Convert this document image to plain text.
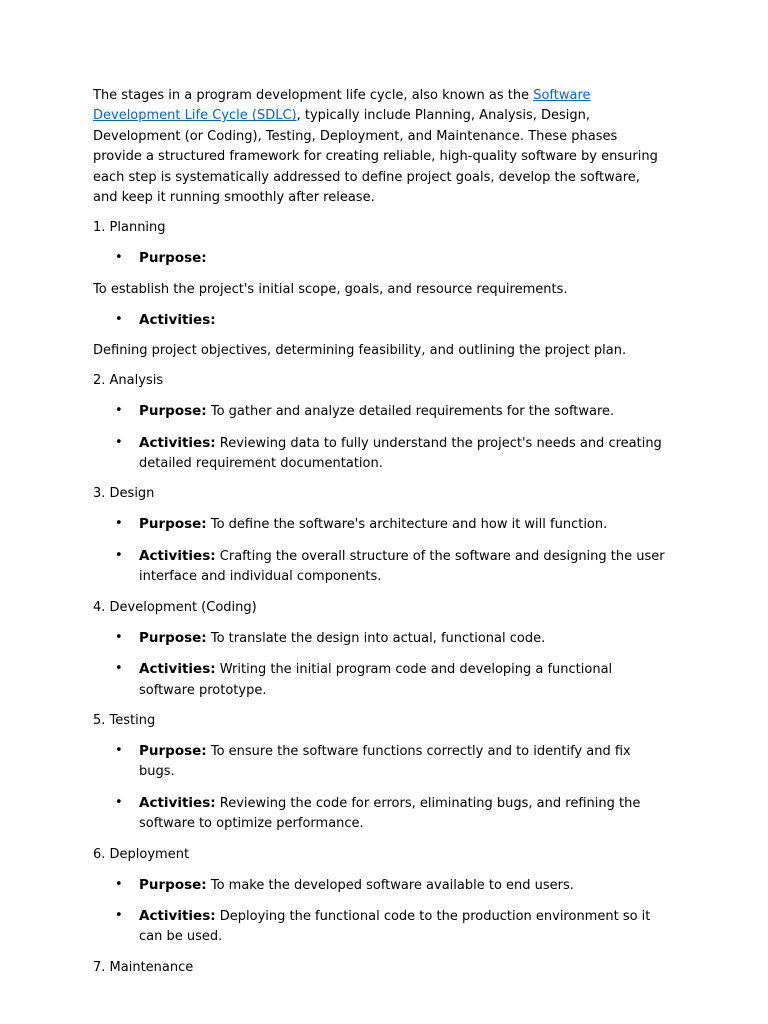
The stages in a program development life cycle, also known as the Software Development Life Cycle (SDLC), typically include Planning, Analysis, Design, Development (or Coding), Testing, Deployment, and Maintenance. These phases provide a structured framework for creating reliable, high-quality software by ensuring each step is systematically addressed to define project goals, develop the software, and keep it running smoothly after release.

1. Planning
• Purpose:

To establish the project's initial scope, goals, and resource requirements.

• Activities:

Defining project objectives, determining feasibility, and outlining the project plan.

2. Analysis
• Purpose: To gather and analyze detailed requirements for the software.
• Activities: Reviewing data to fully understand the project's needs and creating detailed requirement documentation.
3. Design
• Purpose: To define the software's architecture and how it will function.
• Activities: Crafting the overall structure of the software and designing the user interface and individual components.
4. Development (Coding)
• Purpose: To translate the design into actual, functional code.
• Activities: Writing the initial program code and developing a functional software prototype.
5. Testing
• Purpose: To ensure the software functions correctly and to identify and fix bugs.
• Activities: Reviewing the code for errors, eliminating bugs, and refining the software to optimize performance.
6. Deployment
• Purpose: To make the developed software available to end users.
• Activities: Deploying the functional code to the production environment so it can be used.
7. Maintenance
